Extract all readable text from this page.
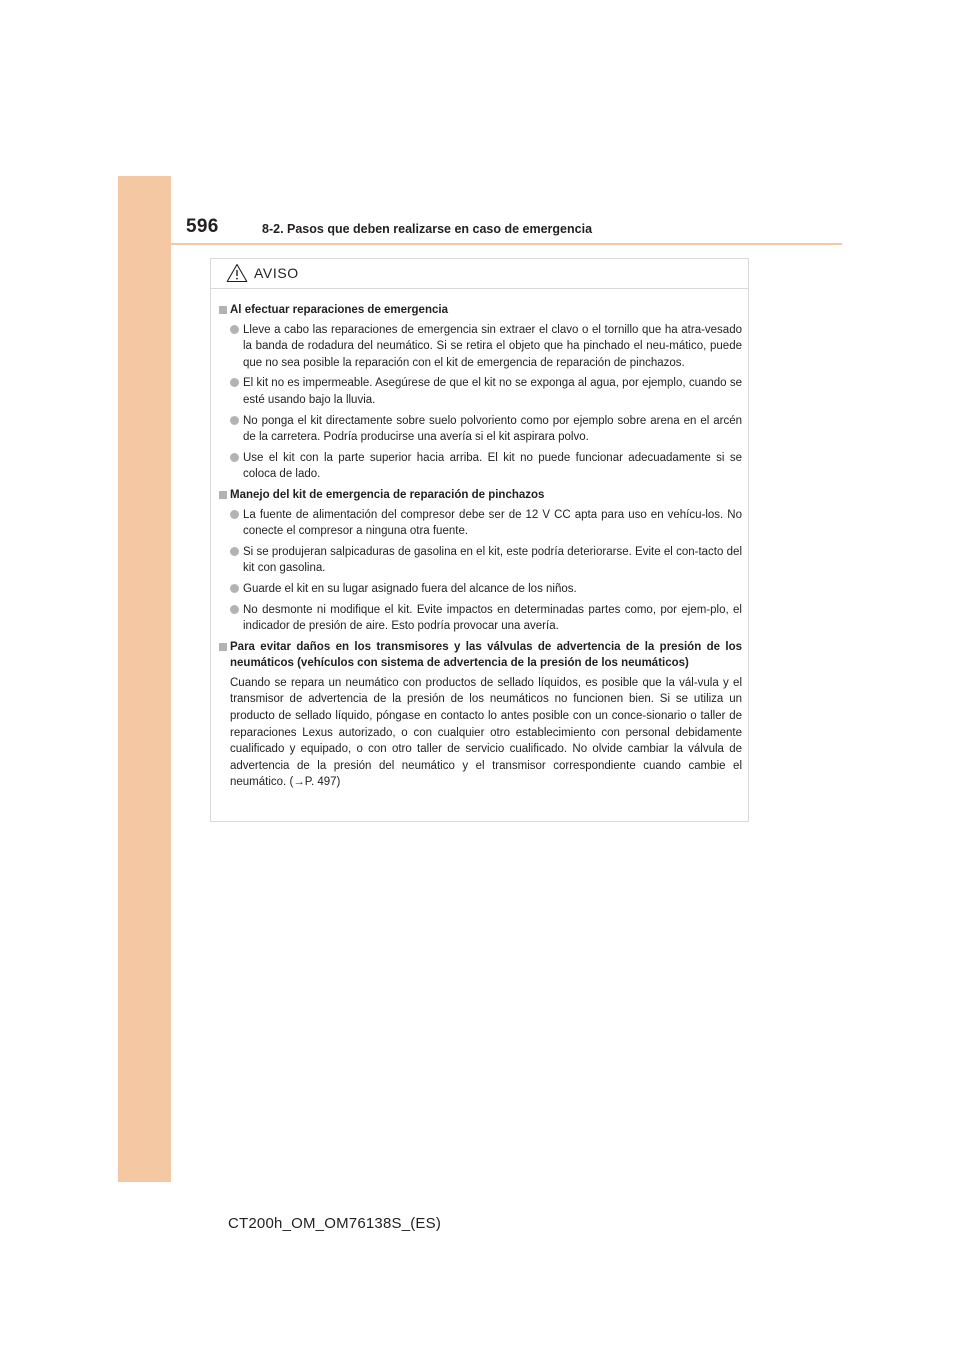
596	8-2. Pasos que deben realizarse en caso de emergencia
AVISO
Al efectuar reparaciones de emergencia
Lleve a cabo las reparaciones de emergencia sin extraer el clavo o el tornillo que ha atra-vesado la banda de rodadura del neumático. Si se retira el objeto que ha pinchado el neu-mático, puede que no sea posible la reparación con el kit de emergencia de reparación de pinchazos.
El kit no es impermeable. Asegúrese de que el kit no se exponga al agua, por ejemplo, cuando se esté usando bajo la lluvia.
No ponga el kit directamente sobre suelo polvoriento como por ejemplo sobre arena en el arcén de la carretera. Podría producirse una avería si el kit aspirara polvo.
Use el kit con la parte superior hacia arriba. El kit no puede funcionar adecuadamente si se coloca de lado.
Manejo del kit de emergencia de reparación de pinchazos
La fuente de alimentación del compresor debe ser de 12 V CC apta para uso en vehícu-los. No conecte el compresor a ninguna otra fuente.
Si se produjeran salpicaduras de gasolina en el kit, este podría deteriorarse. Evite el con-tacto del kit con gasolina.
Guarde el kit en su lugar asignado fuera del alcance de los niños.
No desmonte ni modifique el kit. Evite impactos en determinadas partes como, por ejem-plo, el indicador de presión de aire. Esto podría provocar una avería.
Para evitar daños en los transmisores y las válvulas de advertencia de la presión de los neumáticos (vehículos con sistema de advertencia de la presión de los neumáticos)
Cuando se repara un neumático con productos de sellado líquidos, es posible que la vál-vula y el transmisor de advertencia de la presión de los neumáticos no funcionen bien. Si se utiliza un producto de sellado líquido, póngase en contacto lo antes posible con un conce-sionario o taller de reparaciones Lexus autorizado, o con cualquier otro establecimiento con personal debidamente cualificado y equipado, o con otro taller de servicio cualificado. No olvide cambiar la válvula de advertencia de la presión del neumático y el transmisor correspondiente cuando cambie el neumático. (→P. 497)
CT200h_OM_OM76138S_(ES)
